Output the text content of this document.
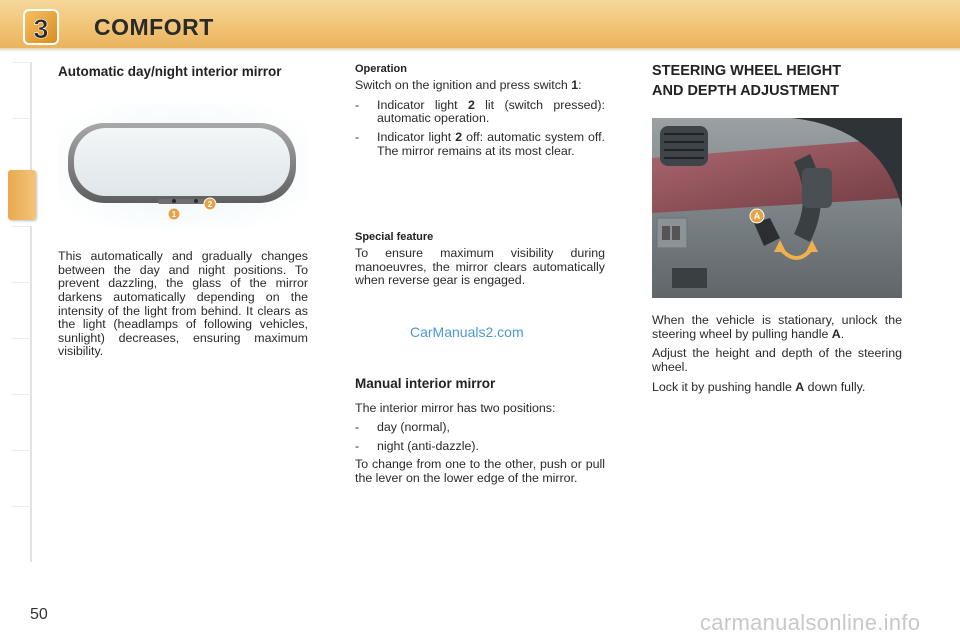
3 COMFORT
Automatic day/night interior mirror
1
2

This automatically and gradually changes between the day and night positions. To prevent dazzling, the glass of the mirror darkens automatically depending on the intensity of the light from behind. It clears as the light (headlamps of following vehicles, sunlight) decreases, ensuring maximum visibility.

Operation

Switch on the ignition and press switch 1:

-	Indicator light 2 lit (switch pressed): automatic operation.
-	Indicator light 2 off: automatic system off. The mirror remains at its most clear.
Special feature

To ensure maximum visibility during manoeuvres, the mirror clears automatically when reverse gear is engaged.

CarManuals2.com
Manual interior mirror

The interior mirror has two positions:

-	day (normal),
-	night (anti-dazzle).

To change from one to the other, push or pull the lever on the lower edge of the mirror.

STEERING WHEEL HEIGHT
AND DEPTH ADJUSTMENT
A

When the vehicle is stationary, unlock the steering wheel by pulling handle A.

Adjust the height and depth of the steering wheel.

Lock it by pushing handle A down fully.

50	carmanualsonline.info
